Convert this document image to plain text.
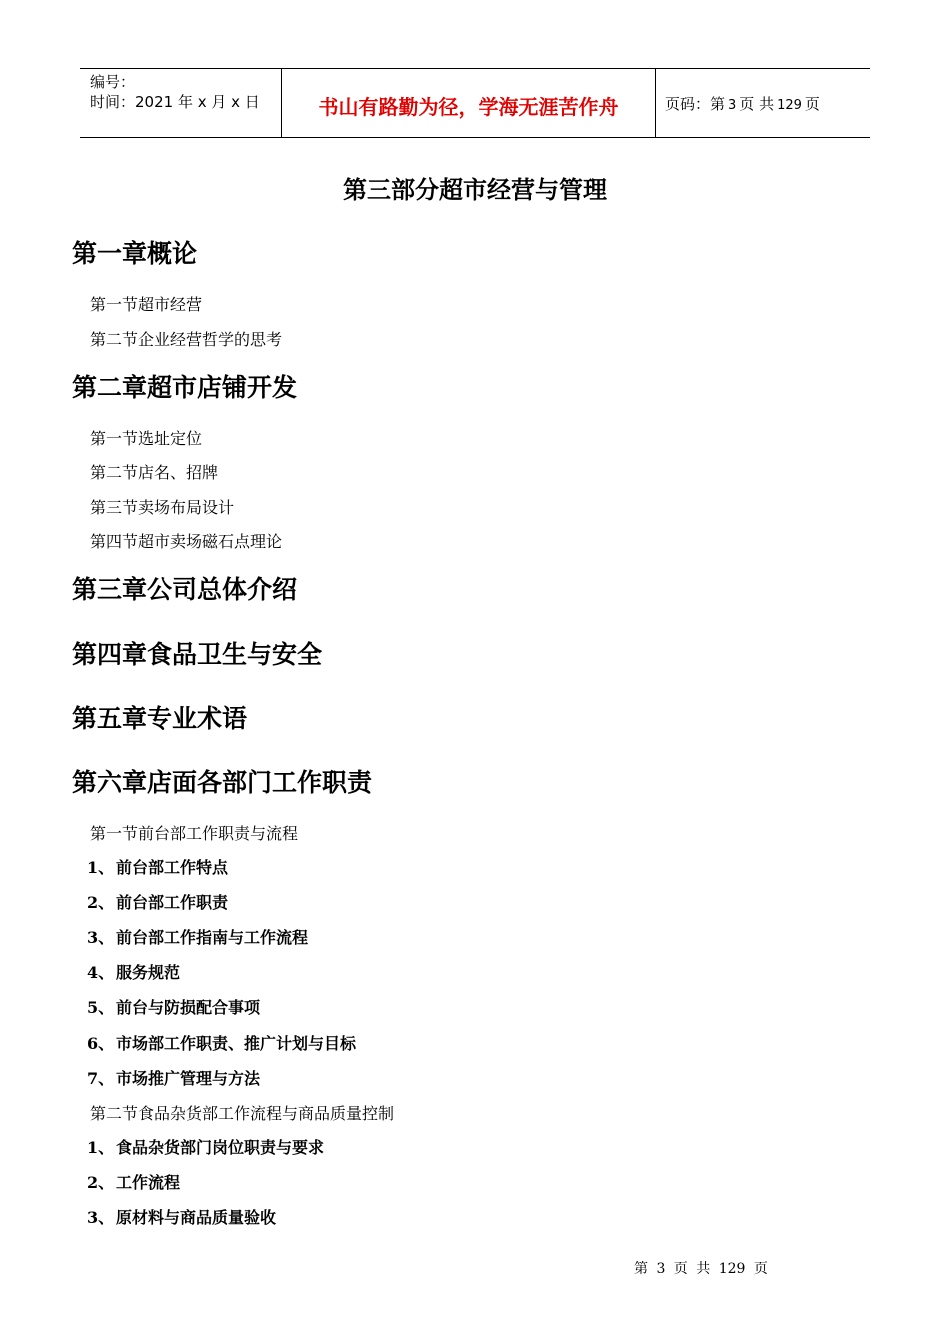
编号：
时间：2021 年 x 月 x 日	书山有路勤为径，学海无涯苦作舟	页码：第 3 页 共 129 页
第三部分超市经营与管理
第一章概论
第一节超市经营
第二节企业经营哲学的思考
第二章超市店铺开发
第一节选址定位
第二节店名、招牌
第三节卖场布局设计
第四节超市卖场磁石点理论
第三章公司总体介绍
第四章食品卫生与安全
第五章专业术语
第六章店面各部门工作职责
第一节前台部工作职责与流程
1、 前台部工作特点
2、 前台部工作职责
3、 前台部工作指南与工作流程
4、 服务规范
5、 前台与防损配合事项
6、 市场部工作职责、推广计划与目标
7、 市场推广管理与方法
第二节食品杂货部工作流程与商品质量控制
1、 食品杂货部门岗位职责与要求
2、 工作流程
3、 原材料与商品质量验收
第 3 页 共 129 页
